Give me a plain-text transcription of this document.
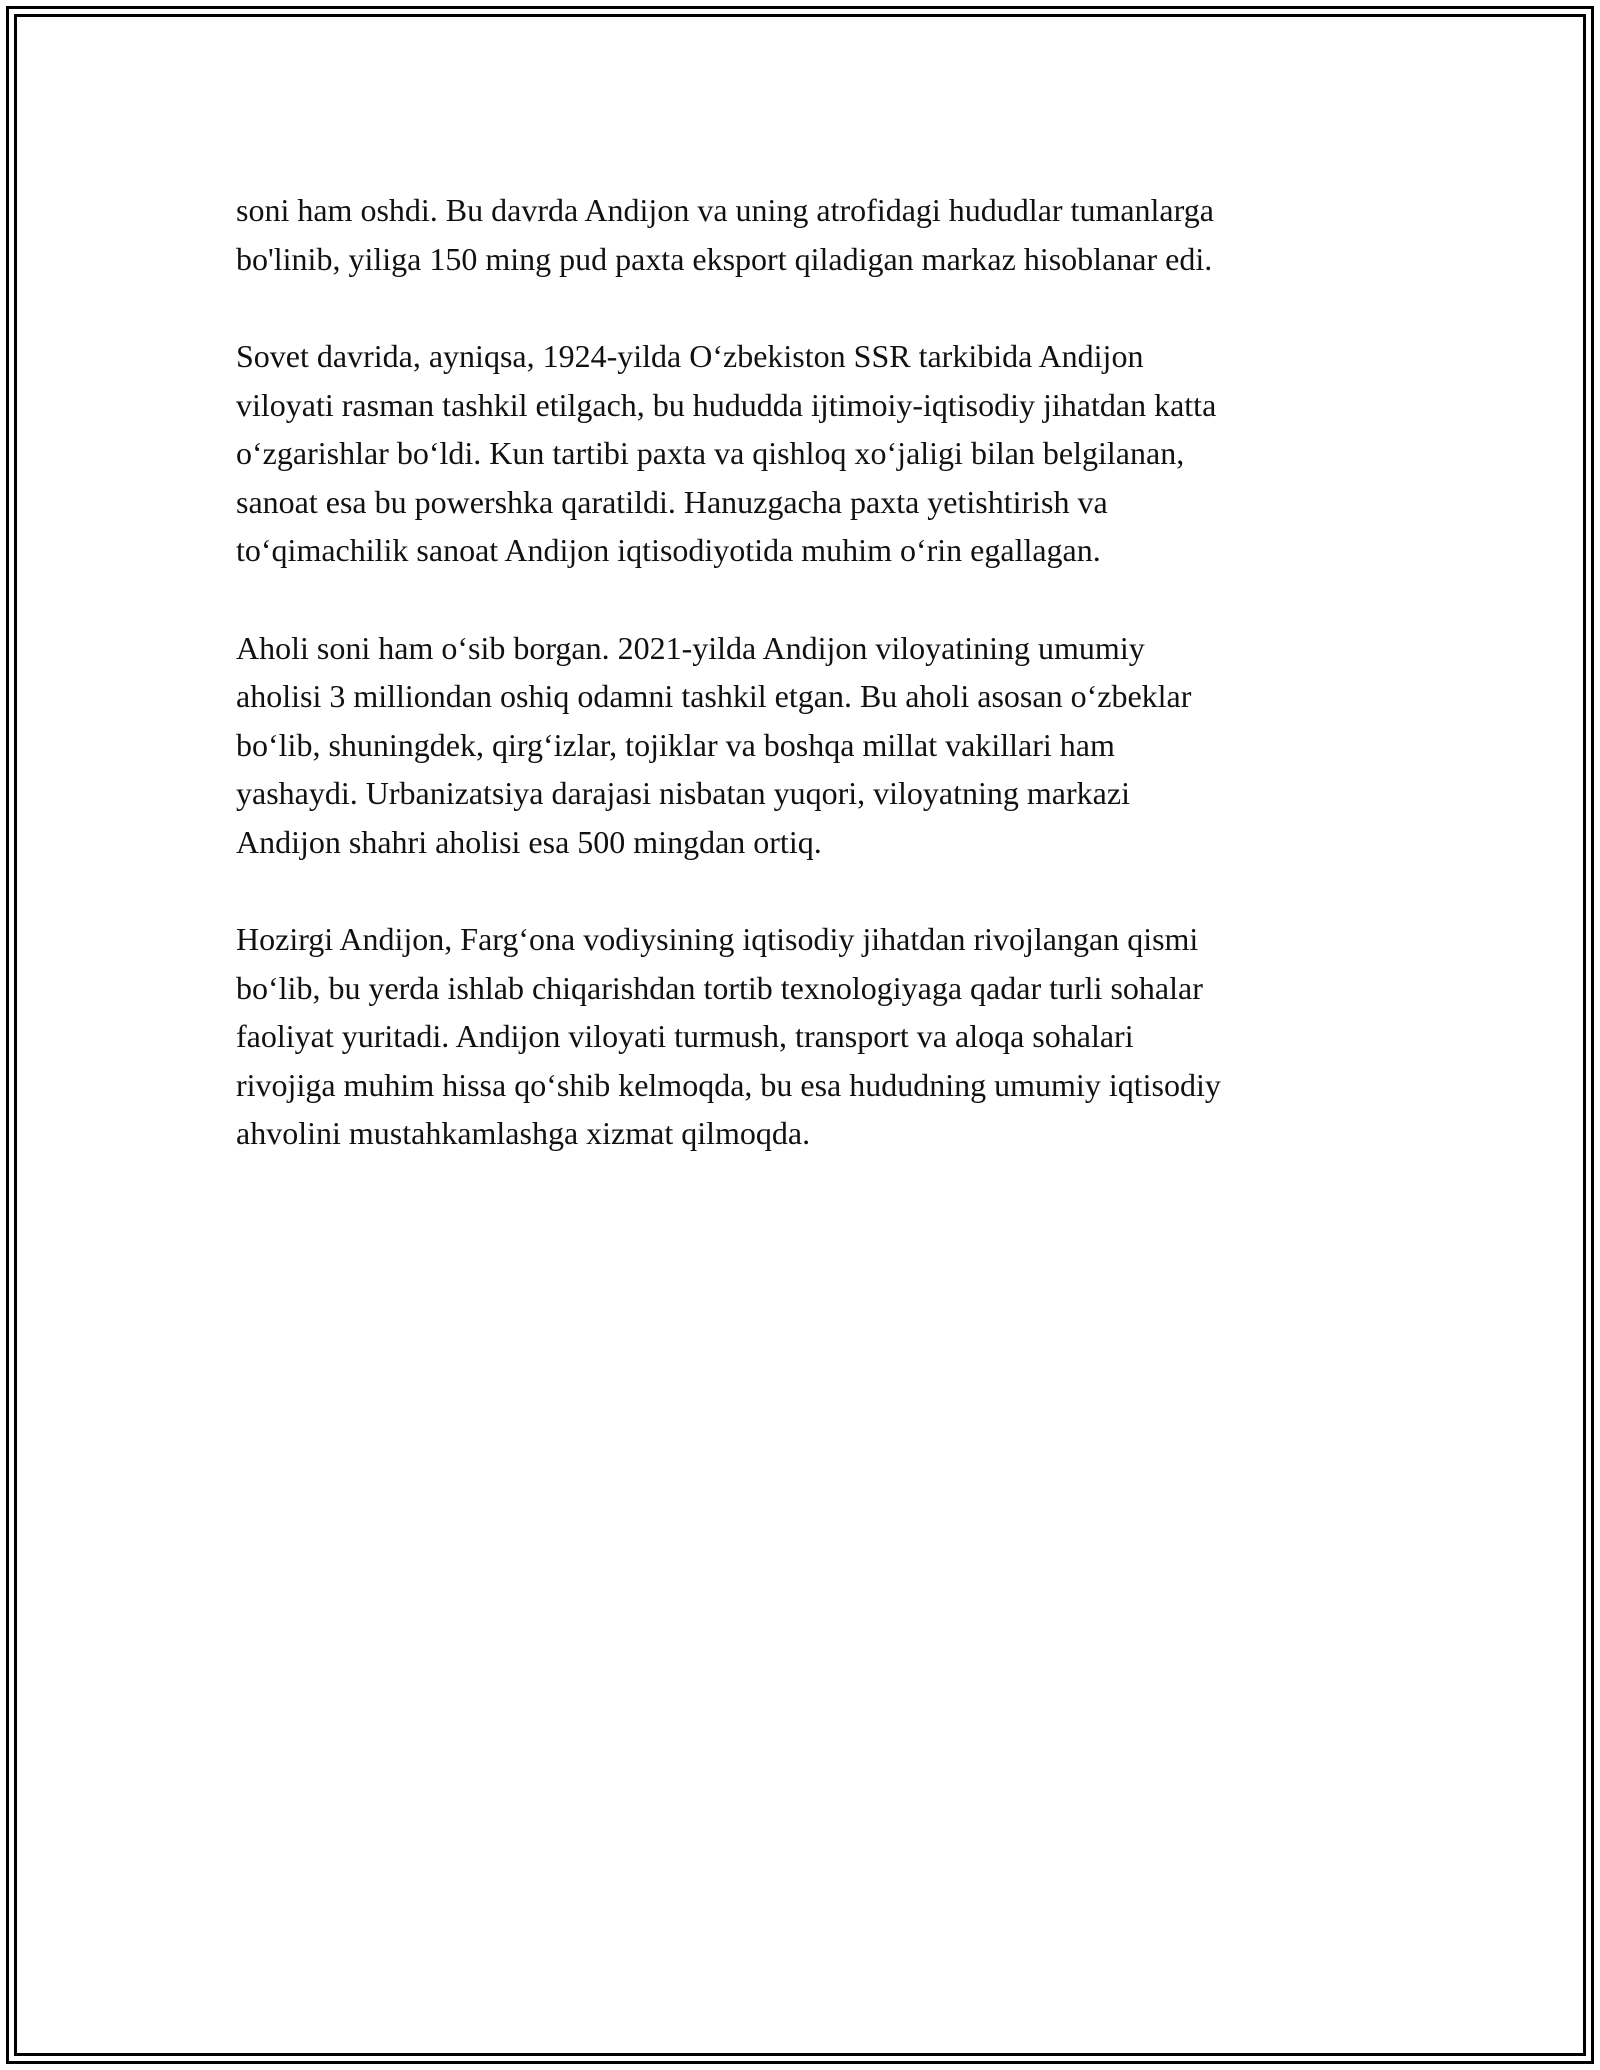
soni ham oshdi. Bu davrda Andijon va uning atrofidagi hududlar tumanlarga
bo'linib, yiliga 150 ming pud paxta eksport qiladigan markaz hisoblanar edi.

Sovet davrida, ayniqsa, 1924-yilda O‘zbekiston SSR tarkibida Andijon
viloyati rasman tashkil etilgach, bu hududda ijtimoiy-iqtisodiy jihatdan katta
o‘zgarishlar bo‘ldi. Kun tartibi paxta va qishloq xo‘jaligi bilan belgilanan,
sanoat esa bu powershka qaratildi. Hanuzgacha paxta yetishtirish va
to‘qimachilik sanoat Andijon iqtisodiyotida muhim o‘rin egallagan.

Aholi soni ham o‘sib borgan. 2021-yilda Andijon viloyatining umumiy
aholisi 3 milliondan oshiq odamni tashkil etgan. Bu aholi asosan o‘zbeklar
bo‘lib, shuningdek, qirg‘izlar, tojiklar va boshqa millat vakillari ham
yashaydi. Urbanizatsiya darajasi nisbatan yuqori, viloyatning markazi
Andijon shahri aholisi esa 500 mingdan ortiq.

Hozirgi Andijon, Farg‘ona vodiysining iqtisodiy jihatdan rivojlangan qismi
bo‘lib, bu yerda ishlab chiqarishdan tortib texnologiyaga qadar turli sohalar
faoliyat yuritadi. Andijon viloyati turmush, transport va aloqa sohalari
rivojiga muhim hissa qo‘shib kelmoqda, bu esa hududning umumiy iqtisodiy
ahvolini mustahkamlashga xizmat qilmoqda.
